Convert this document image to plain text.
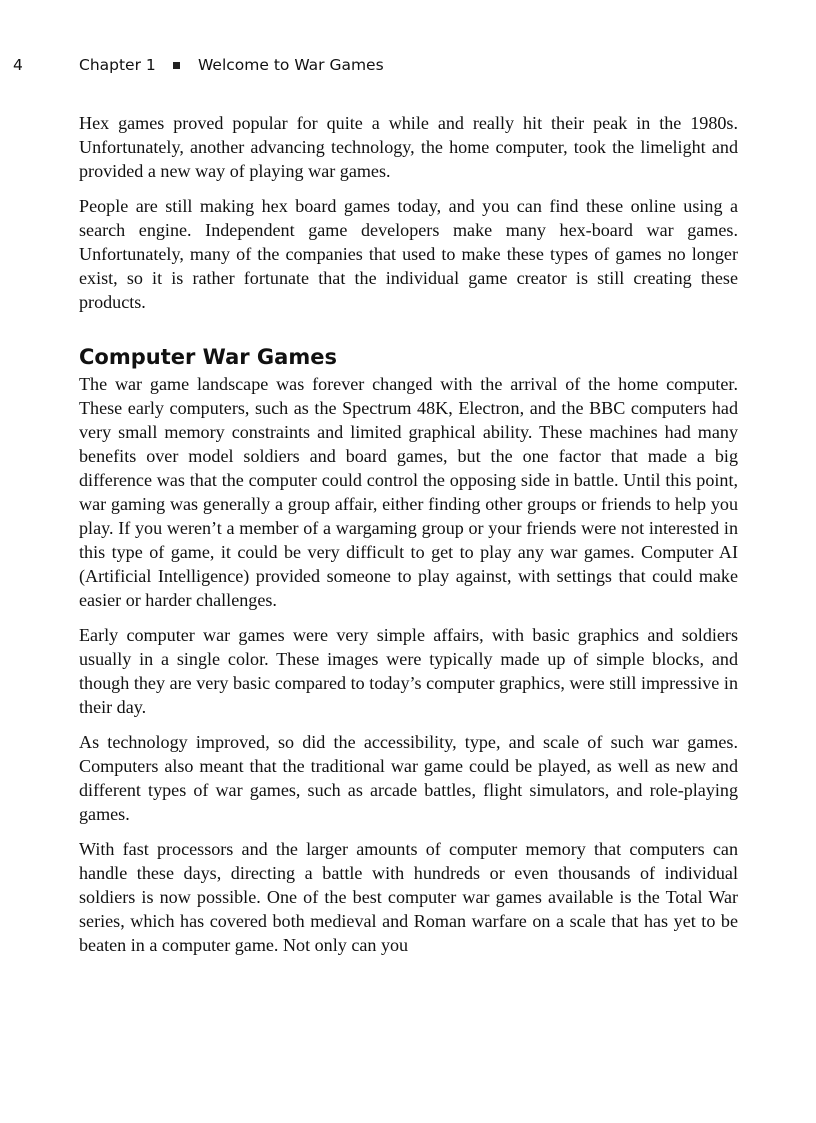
4	Chapter 1	Welcome to War Games

Hex games proved popular for quite a while and really hit their peak in the 1980s. Unfortunately, another advancing technology, the home computer, took the limelight and provided a new way of playing war games.

People are still making hex board games today, and you can find these online using a search engine. Independent game developers make many hex-board war games. Unfortunately, many of the companies that used to make these types of games no longer exist, so it is rather fortunate that the individual game creator is still creating these products.

Computer War Games

The war game landscape was forever changed with the arrival of the home computer. These early computers, such as the Spectrum 48K, Electron, and the BBC computers had very small memory constraints and limited graphical ability. These machines had many benefits over model soldiers and board games, but the one factor that made a big difference was that the computer could control the opposing side in battle. Until this point, war gaming was generally a group affair, either finding other groups or friends to help you play. If you weren’t a member of a wargaming group or your friends were not interested in this type of game, it could be very difficult to get to play any war games. Computer AI (Artificial Intelligence) provided someone to play against, with settings that could make easier or harder challenges.

Early computer war games were very simple affairs, with basic graphics and soldiers usually in a single color. These images were typically made up of simple blocks, and though they are very basic compared to today’s computer graphics, were still impressive in their day.

As technology improved, so did the accessibility, type, and scale of such war games. Computers also meant that the traditional war game could be played, as well as new and different types of war games, such as arcade battles, flight simulators, and role-playing games.

With fast processors and the larger amounts of computer memory that computers can handle these days, directing a battle with hundreds or even thousands of individual soldiers is now possible. One of the best computer war games available is the Total War series, which has covered both medieval and Roman warfare on a scale that has yet to be beaten in a computer game. Not only can you
